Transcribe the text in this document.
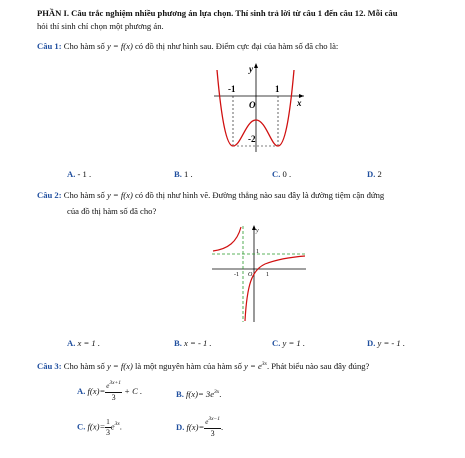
PHẦN I. Câu trắc nghiệm nhiều phương án lựa chọn. Thí sinh trả lời từ câu 1 đến câu 12. Mỗi câu
hỏi thí sinh chỉ chọn một phương án.
Câu 1: Cho hàm số y = f(x) có đồ thị như hình sau. Điểm cực đại của hàm số đã cho là:
y
x
O
-1	1
-2
A. - 1 .	B. 1 .	C. 0 .	D. 2
Câu 2: Cho hàm số y = f(x) có đồ thị như hình vẽ. Đường thẳng nào sau đây là đường tiệm cận đứng
của đồ thị hàm số đã cho?
y
1
-1 O 1
A. x = 1 .	B. x = - 1 .	C. y = 1 .	D. y = - 1 .
Câu 3: Cho hàm số y = f(x) là một nguyên hàm của hàm số $y = e^{3x}$. Phát biểu nào sau đây đúng?
A. $f(x)= \frac{e^{3x+1}}{3} + C$ .	B. $f(x)= 3e^{3x}$.
C. $f(x)= \frac{1}{3} e^{3x}$.	D. $f(x)= \frac{e^{3x-1}}{3}$ .
